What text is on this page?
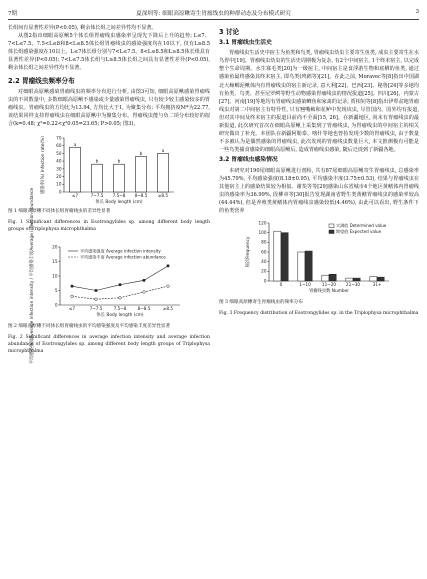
7期	夏深圳等: 细眼高原鳅寄生胃瘤线虫的种群动态及分布模式研究	3

长组间有显著性差异(P<0.05), 剩余体长组之间差异性均不显著。

从图2指出细眼高原鳅5个体长组胃瘤线虫感染率呈现先下降后上升的趋势; L≤7、7<L≤7.5、7.5<L≤8和8<L≤8.5体长组胃瘤线虫的感染强度均在10以下, 仅有L≥8.5体长组感染强度在10以上。L≤7体长组分别与7<L≤7.5、8<L≤8.5和L≥8.5体长组具有显著性差异(P<0.05); 7<L≤7.5体长组与L≥8.5体长组之间具有显著性差异(P<0.05), 剩余体长组之间差异性均不显著。

2.2 胃瘤线虫频率分布

对细眼高原鳅感染胃瘤线虫的频率分布进行分析, 由图3可知, 细眼高原鳅感染胃瘤线虫的不同数量中, 多数细眼高原鳅不感染或少量感染胃瘤线虫, 只有较少较主感染较多的胃瘤线虫。胃瘤线虫的方均比为13.94, 方均比大于1, 为聚集分布; 平均拥挤度M*为22.77, 该结果同样支持胃瘤线虫在细眼高原鳅中为聚集分布。胃瘤线虫能与负二项分布较好的拟合(k=0.48; χ²=0.22<χ²0.05=23.65; P>0.05; 图3)。

0
10
20
30
40
50
60
70
≤7	7~7.5 7.5~8 8~8.5 ≥8.5
体长 Body length (cm)
感染率(%) Infection rate(%)	a
b	b
b
a

图 1 细眼高原鳅不同体长组胃瘤线虫的差异性显著

Fig. 1 Significant differences in Esotrongylides sp. among different body length groups of Triplophysa microphthalma

0
5
10
15
20
≤7	7~7.5	7.5~8	8~8.5	≥8.5
体长 Body length (cm)
平均感染强度Average infection intensity / 平均感染丰度Average infection abundance	平均感染强度 Average infection intensity
平均感染丰度 Average infection abundance

图 2 细眼高原鳅不同体长组胃瘤线虫的平均感染强度及平均感染丰度差异性显著

Fig. 2 Significant differences in average infection intensity and average infection abundance of Esotrongylides sp. among different body length groups of Triplophysa microphthalma

3 讨论
3.1 胃瘤线虫生活史

胃瘤线虫生活史中宿主为鱼类和鸟类, 胃瘤线虫幼虫主要寄生鱼类, 成虫主要寄生在水鸟胃中[19]。胃瘤线虫幼虫的生活史周期极为复杂, 有2个中间宿主, 1个终末宿主, 以完成整个生命周期。水生寡毛类[20]为一级宿主, 中间宿主是食浮游生物和底栖的鱼类, 通过感染鱼最终感染其终末宿主, 即鸟类(鸬鹚等)[21]。在此之前, Moravec等[8]指出中国湖北大鲸鲷泥鳅体内有胃瘤线虫的宿主新记录, 意大利[22]、巴西[23]、秘鲁[24]等多地均有鱼类、鸟类、甚至尼罗鳄等野生动物感染胃瘤线虫的情况报道[25]。四川[26]、内蒙古[27]、河南[19]等地均有胃瘤线虫感染鲫鱼和家禽的记录, 贾相钊等[8]指出伊犁盆地胃瘤线虫对第二中间宿主有特异性, 只有翘嘴鲌和花鲈中发现该虫, 尽管国内、国外均有报道, 但对其中间及终末宿主的报道目前尚不全面[15, 26]。在新疆地区, 尚未有胃瘤线虫的最新报道, 此次研究首次在细眼高原鳅上采集到了胃瘤线虫, 为胃瘤线虫的中间宿主的相关研究做出了补充。本团队在新疆阿勒泰、喀什等地也曾捡发现少数的胃瘤线虫, 由于数量不多被认为是偶然感染的胃瘤线虫, 此次发现的胃瘤线虫数量巨大, 本文推测极有可能是一些鸟类捕食感染的细眼高原鳅后, 造成胃瘤线虫感染, 随后迁徙到了新疆各地。

3.2 胃瘤线虫感染情况

本研究对190尾细眼高原鳅进行剖检, 共有87尾细眼高原鳅寄生胃瘤线虫, 总感染率为45.79%, 平均感染强度(8.18±0.95), 平均感染丰度(3.75±0.53), 结果与胃瘤线虫在其他宿主上的感染结果较为相似。谢斐等等[29]感染山东省城市4个地区黄鳝体内胃瘤线虫的感染率为36.99%, 段柳章等[30]报告发现湖南省野生类黄鳝胃瘤线虫的感染率较高(44.44%), 但是养殖类黄鳝体内胃瘤线虫感染较低(4.46%), 由此可以看出, 野生条件下的鱼类营养

0
20
40
60
80
100
120
0	1~10	11~20 21~30	31+
胃瘤线虫数 Number
频次Frequency
实测值 Determined value
期望值 Expected value

图 3 细眼高原鳅寄生胃瘤线虫的频率分布

Fig. 3 Frequency distribution of Esotrongylides sp. in the Triplophysa microphthalma
